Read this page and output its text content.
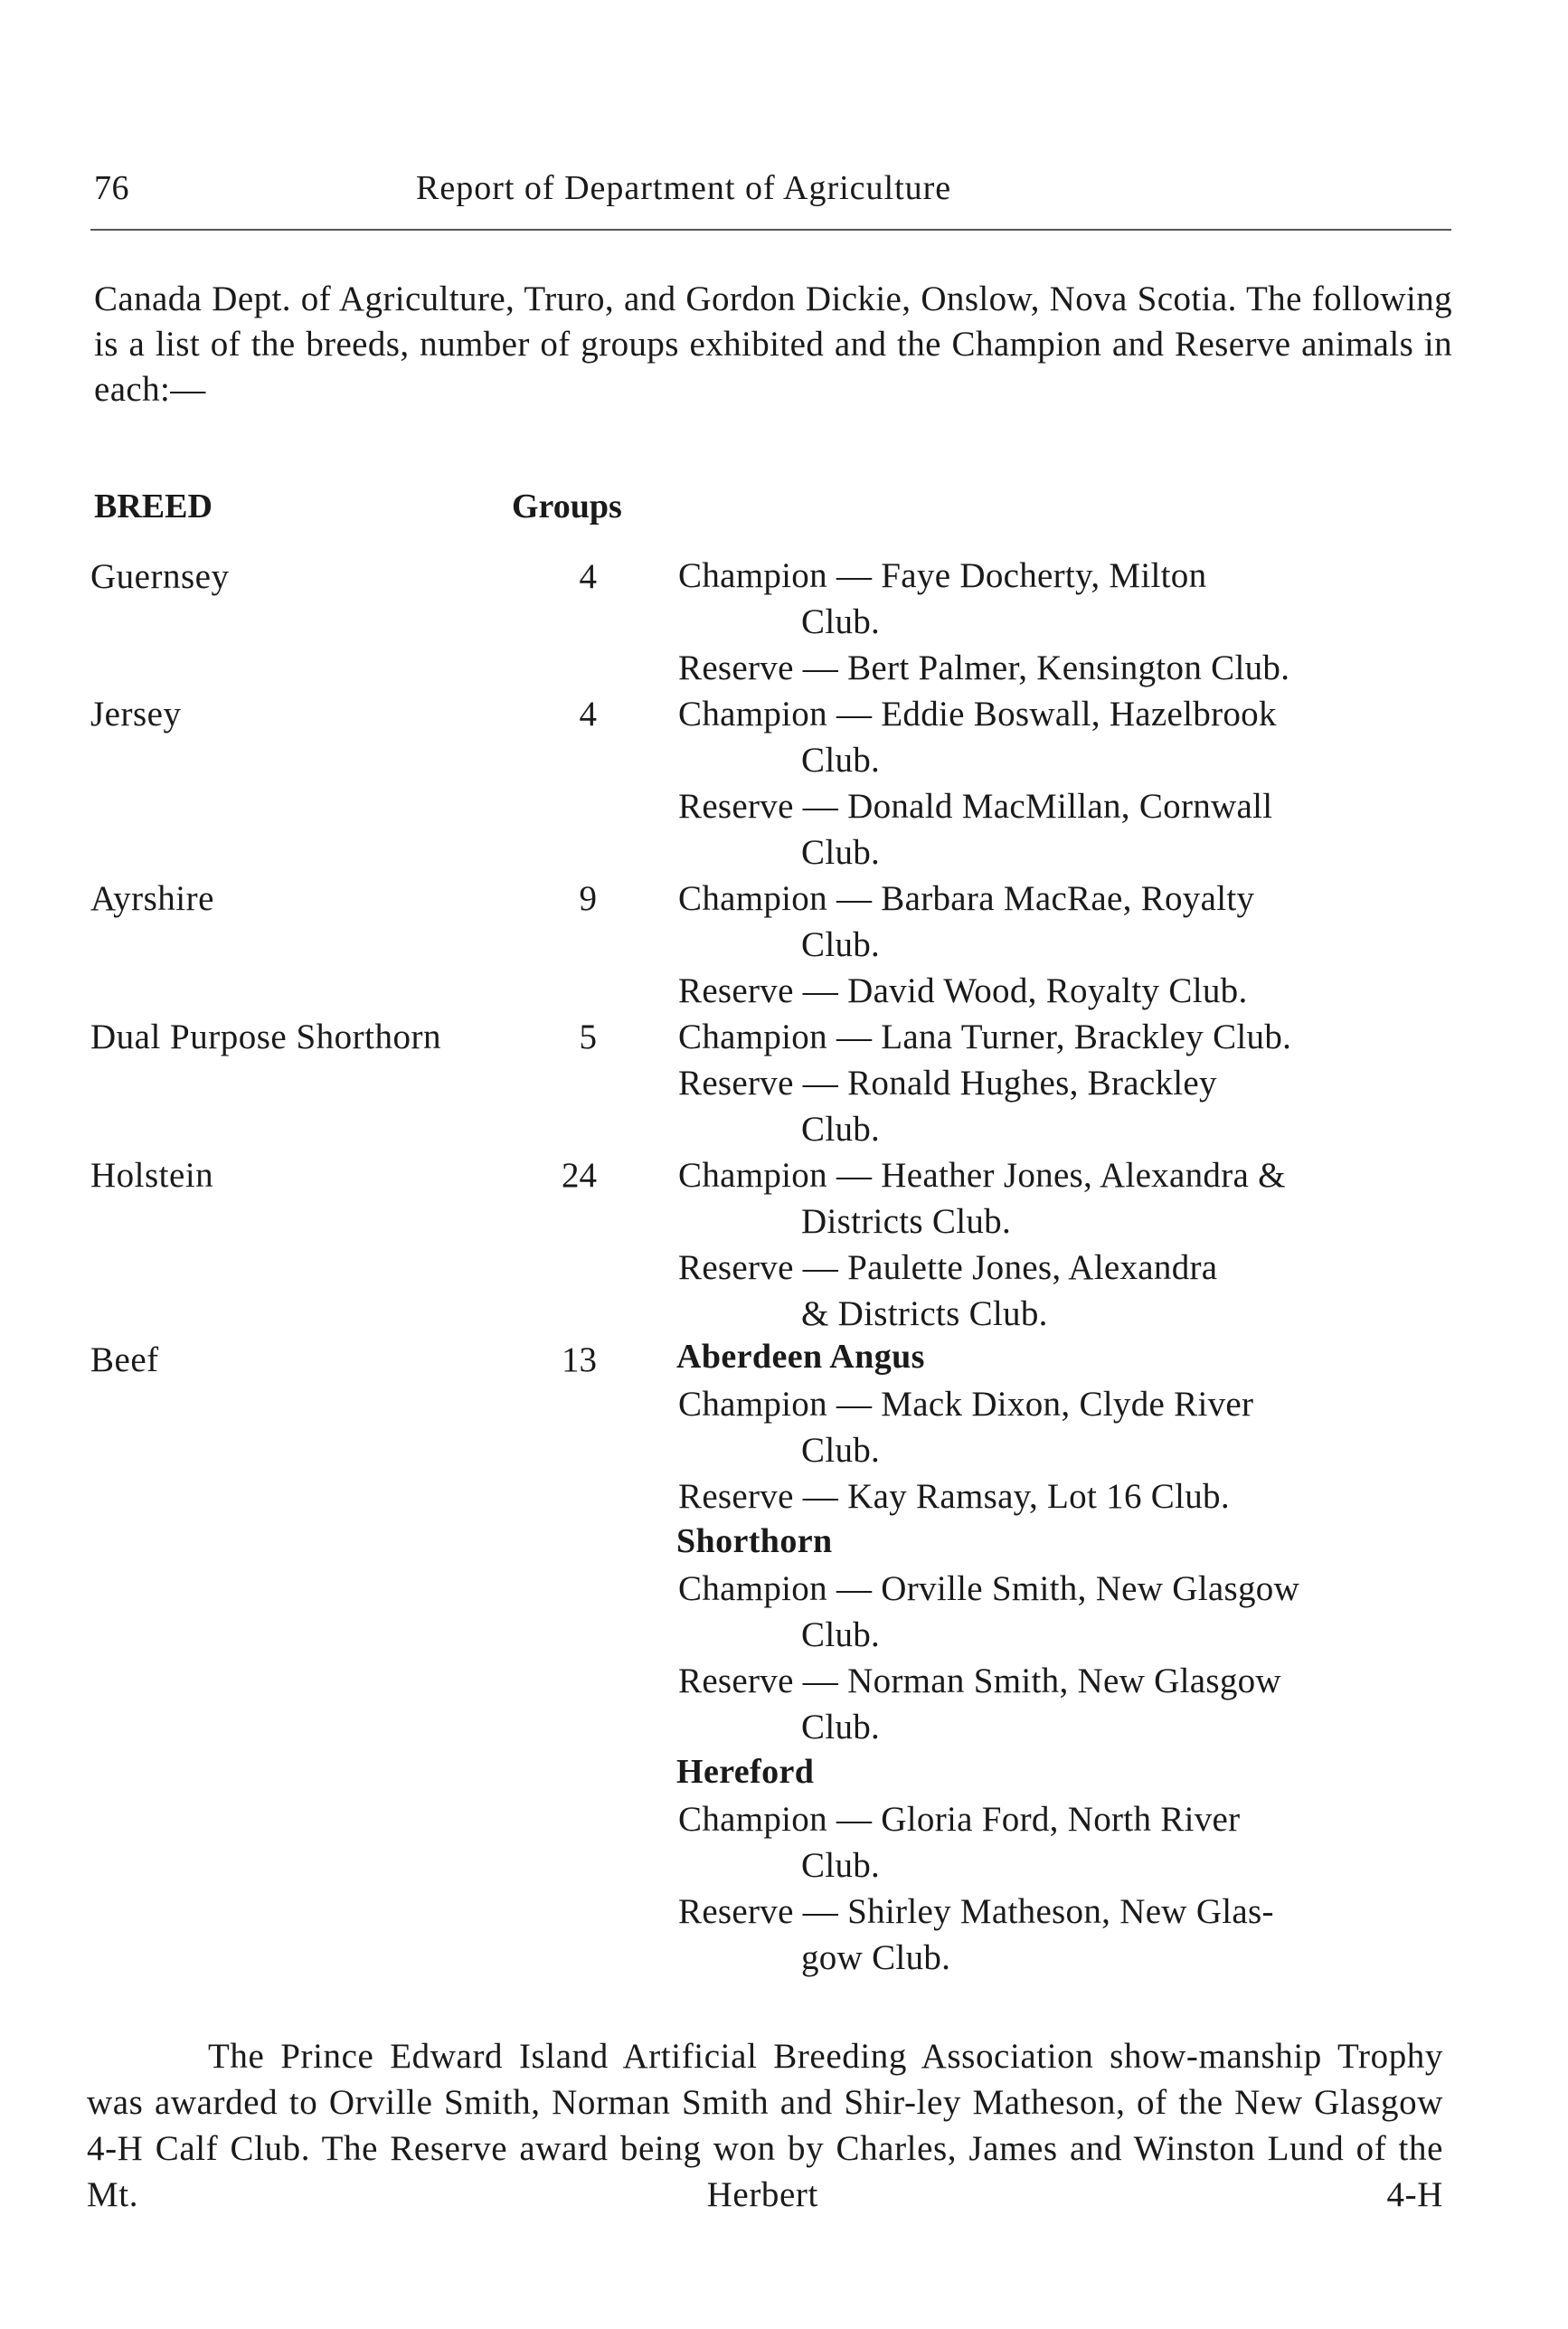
76	Report of Department of Agriculture
Canada Dept. of Agriculture, Truro, and Gordon Dickie, Onslow, Nova Scotia. The following is a list of the breeds, number of groups exhibited and the Champion and Reserve animals in each:—
BREED	Groups
Guernsey	4 Champion — Faye Docherty, Milton
Club.
Reserve — Bert Palmer, Kensington Club.
Jersey	4 Champion — Eddie Boswall, Hazelbrook
Club.
Reserve — Donald MacMillan, Cornwall
Club.
Ayrshire	9 Champion — Barbara MacRae, Royalty
Club.
Reserve — David Wood, Royalty Club.
Dual Purpose Shorthorn	5 Champion — Lana Turner, Brackley Club.
Reserve — Ronald Hughes, Brackley
Club.
Holstein	24 Champion — Heather Jones, Alexandra &
Districts Club.
Reserve — Paulette Jones, Alexandra
& Districts Club.
Beef	13 Aberdeen Angus
Champion — Mack Dixon, Clyde River
Club.
Reserve — Kay Ramsay, Lot 16 Club.
Shorthorn
Champion — Orville Smith, New Glasgow
Club.
Reserve — Norman Smith, New Glasgow
Club.
Hereford
Champion — Gloria Ford, North River
Club.
Reserve — Shirley Matheson, New Glas-
gow Club.
The Prince Edward Island Artificial Breeding Association show-manship Trophy was awarded to Orville Smith, Norman Smith and Shir-ley Matheson, of the New Glasgow 4-H Calf Club. The Reserve award being won by Charles, James and Winston Lund of the Mt. Herbert 4-H
